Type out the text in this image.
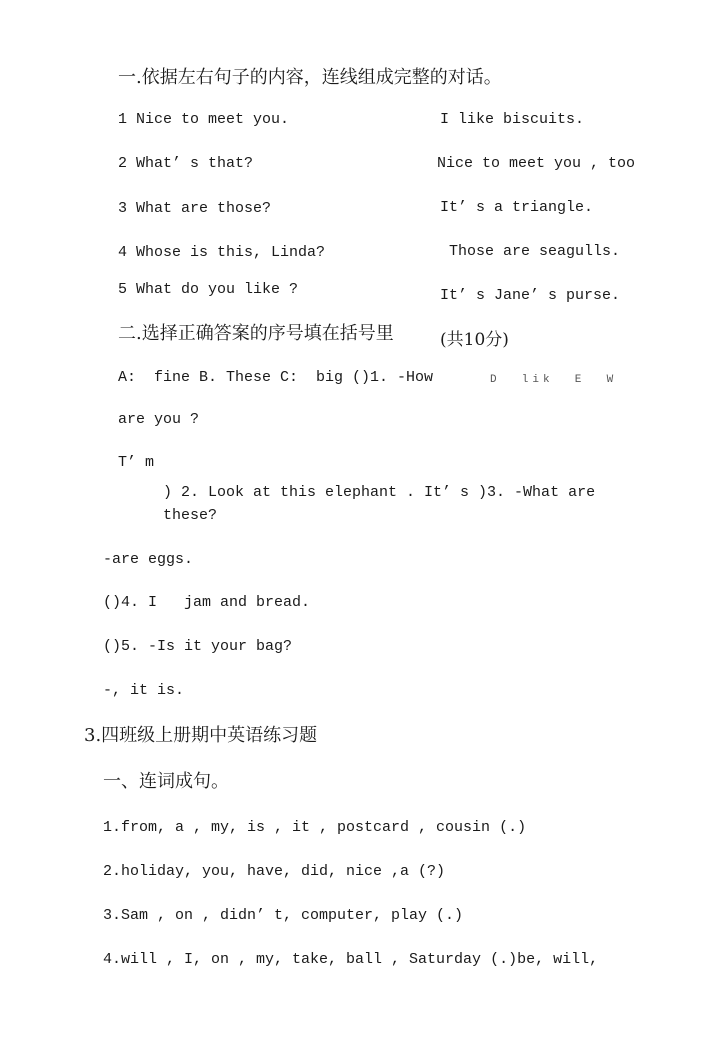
一.依据左右句子的内容，连线组成完整的对话。
1 Nice to meet you.
2 What’ s that?
3 What are those?
4 Whose is this, Linda?
5 What do you like ?
I like biscuits.
Nice to meet you , too
It’ s a triangle.
Those are seagulls.
It’ s Jane’ s purse.
二.选择正确答案的序号填在括号里	(共10分)
A:  fine B. These C:  big ()1. -How	D  lik  E  W
are you ?
T’ m
) 2. Look at this elephant . It’ s )3. -What are
these?
-are eggs.
()4. I   jam and bread.
()5. -Is it your bag?
-, it is.
3.四班级上册期中英语练习题
一、连词成句。
1.from, a , my, is , it , postcard , cousin (.)
2.holiday, you, have, did, nice ,a (?)
3.Sam , on , didn’ t, computer, play (.)
4.will , I, on , my, take, ball , Saturday (.)be, will,
